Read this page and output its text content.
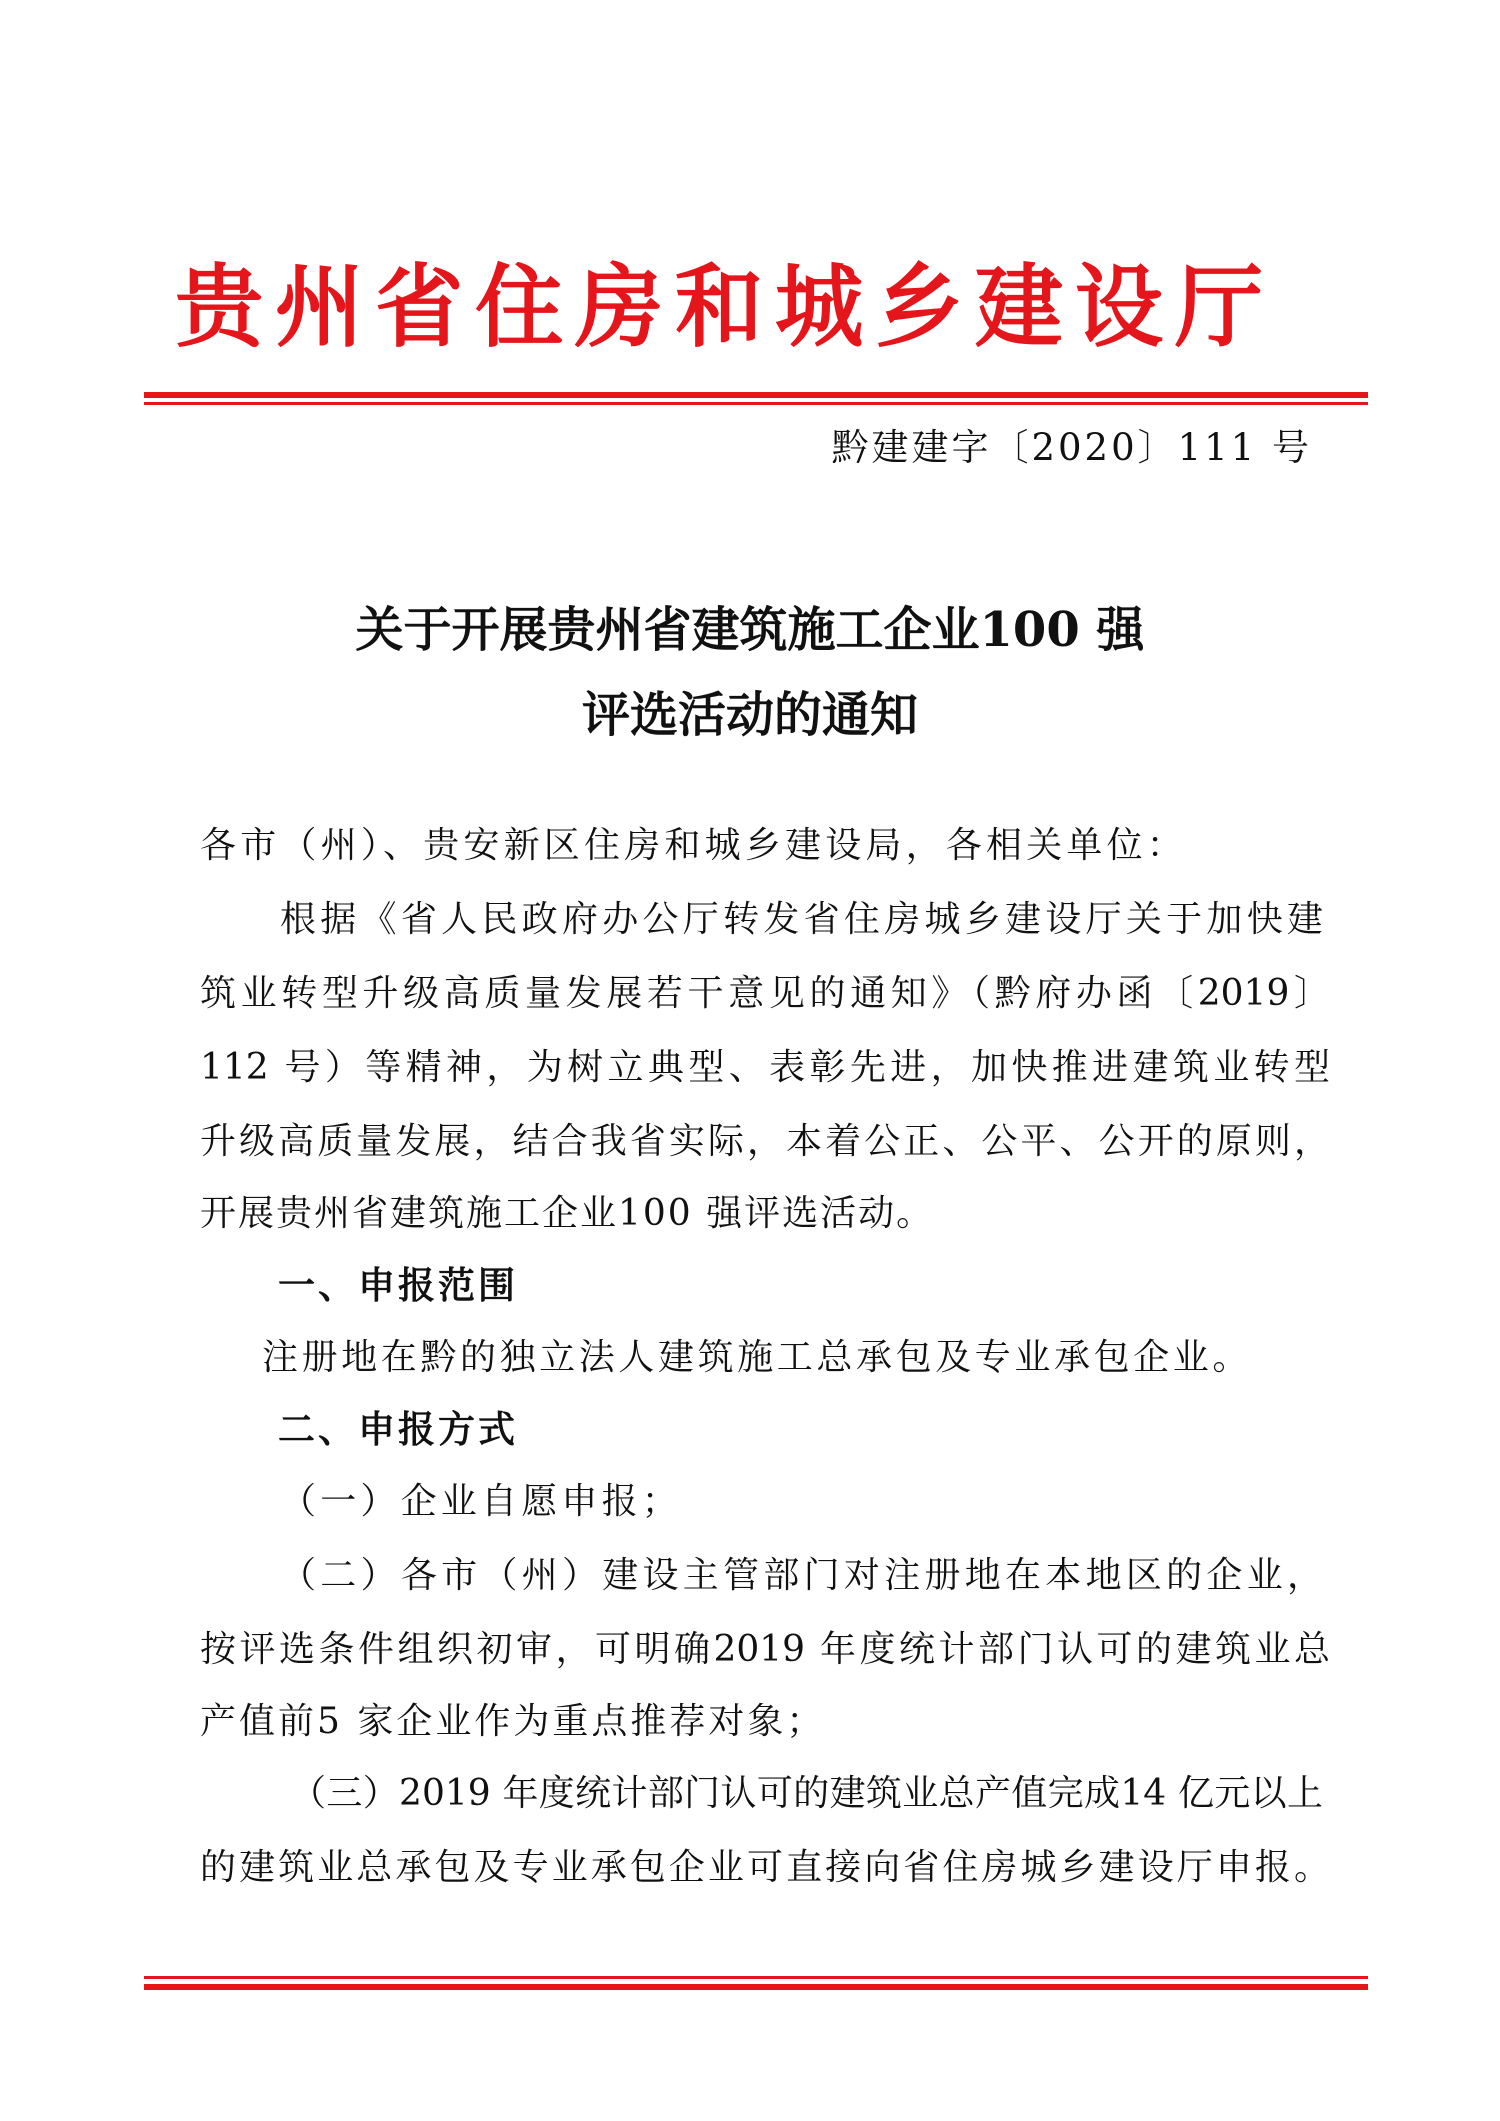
贵州省住房和城乡建设厅
黔建建字〔2020〕111 号
关于开展贵州省建筑施工企业100 强
评选活动的通知
各市（州）、贵安新区住房和城乡建设局，各相关单位：
根据《省人民政府办公厅转发省住房城乡建设厅关于加快建
筑业转型升级高质量发展若干意见的通知》（黔府办函〔2019〕
112 号）等精神，为树立典型、表彰先进，加快推进建筑业转型
升级高质量发展，结合我省实际，本着公正、公平、公开的原则，
开展贵州省建筑施工企业100 强评选活动。
一、申报范围
注册地在黔的独立法人建筑施工总承包及专业承包企业。
二、申报方式
（一）企业自愿申报；
（二）各市（州）建设主管部门对注册地在本地区的企业，
按评选条件组织初审，可明确2019 年度统计部门认可的建筑业总
产值前5 家企业作为重点推荐对象；
（三）2019 年度统计部门认可的建筑业总产值完成14 亿元以上
的建筑业总承包及专业承包企业可直接向省住房城乡建设厅申报。
